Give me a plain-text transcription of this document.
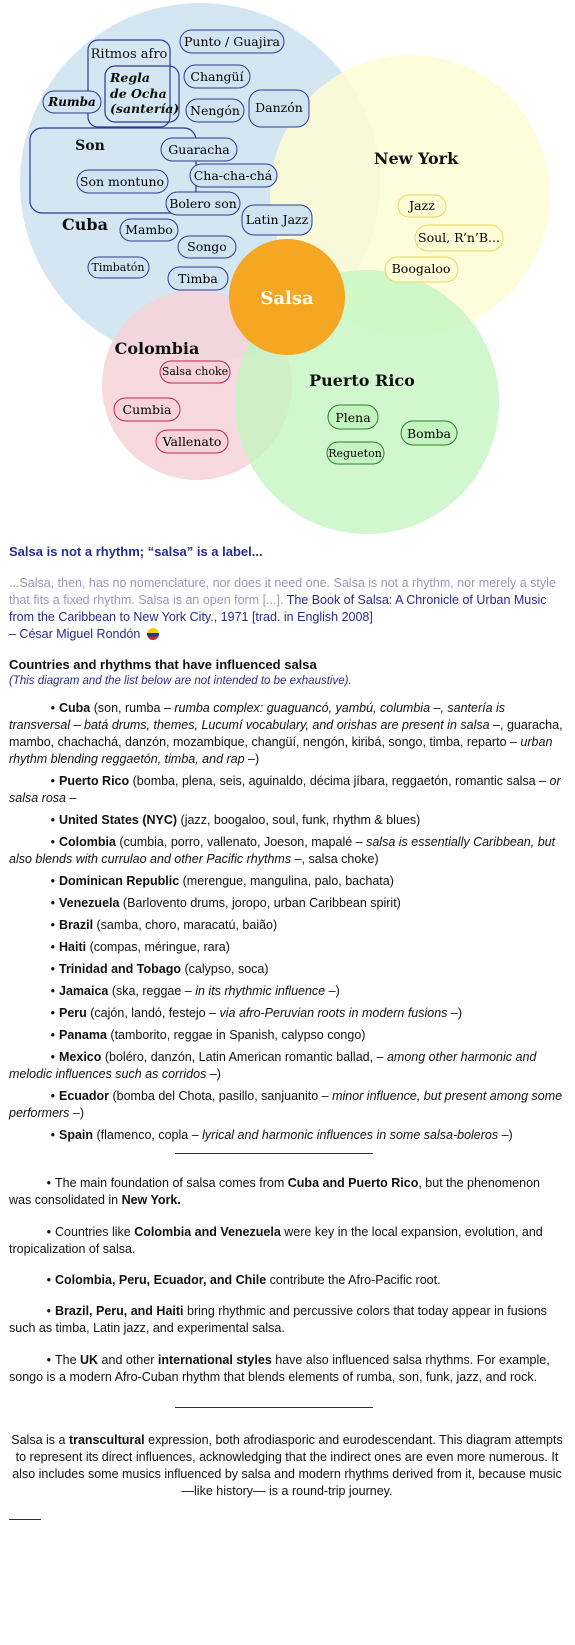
Cuba
New York
Colombia
Puerto Rico
Salsa
Son
Ritmos afro
Regla
de Ocha
(santería)
Punto / Guajira
Rumba
Changüí
Nengón Danzón
Guaracha
Cha-cha-chá
Son montuno
Bolero son
Latin Jazz
Mambo
Songo
Timbatón
Timba
Jazz
Soul, R’n’B...
Boogaloo
Salsa choke
Cumbia
Vallenato
Plena
Bomba
Regueton
Salsa is not a rhythm; “salsa” is a label...
...Salsa, then, has no nomenclature, nor does it need one. Salsa is not a rhythm, nor merely a style that fits a fixed rhythm. Salsa is an open form [...]. The Book of Salsa: A Chronicle of Urban Music from the Caribbean to New York City., 1971 [trad. in English 2008]
– César Miguel Rondón
Countries and rhythms that have influenced salsa
(This diagram and the list below are not intended to be exhaustive).
• Cuba (son, rumba – rumba complex: guaguancó, yambú, columbia –, santería is transversal – batá drums, themes, Lucumí vocabulary, and orishas are present in salsa –, guaracha, mambo, chachachá, danzón, mozambique, changüí, nengón, kiribá, songo, timba, reparto – urban rhythm blending reggaetón, timba, and rap –)
• Puerto Rico (bomba, plena, seis, aguinaldo, décima jíbara, reggaetón, romantic salsa – or salsa rosa –
• United States (NYC) (jazz, boogaloo, soul, funk, rhythm & blues)
• Colombia (cumbia, porro, vallenato, Joeson, mapalé – salsa is essentially Caribbean, but also blends with currulao and other Pacific rhythms –, salsa choke)
• Dominican Republic (merengue, mangulina, palo, bachata)
• Venezuela (Barlovento drums, joropo, urban Caribbean spirit)
• Brazil (samba, choro, maracatú, baião)
• Haiti (compas, méringue, rara)
• Trinidad and Tobago (calypso, soca)
• Jamaica (ska, reggae – in its rhythmic influence –)
• Peru (cajón, landó, festejo – via afro-Peruvian roots in modern fusions –)
• Panama (tamborito, reggae in Spanish, calypso congo)
• Mexico (boléro, danzón, Latin American romantic ballad, – among other harmonic and melodic influences such as corridos –)
• Ecuador (bomba del Chota, pasillo, sanjuanito – minor influence, but present among some performers –)
• Spain (flamenco, copla – lyrical and harmonic influences in some salsa-boleros –)
• The main foundation of salsa comes from Cuba and Puerto Rico, but the phenomenon was consolidated in New York.
• Countries like Colombia and Venezuela were key in the local expansion, evolution, and tropicalization of salsa.
• Colombia, Peru, Ecuador, and Chile contribute the Afro-Pacific root.
• Brazil, Peru, and Haiti bring rhythmic and percussive colors that today appear in fusions such as timba, Latin jazz, and experimental salsa.
• The UK and other international styles have also influenced salsa rhythms. For example, songo is a modern Afro-Cuban rhythm that blends elements of rumba, son, funk, jazz, and rock.
Salsa is a transcultural expression, both afrodiasporic and eurodescendant. This diagram attempts to represent its direct influences, acknowledging that the indirect ones are even more numerous. It also includes some musics influenced by salsa and modern rhythms derived from it, because music —like history— is a round-trip journey.
